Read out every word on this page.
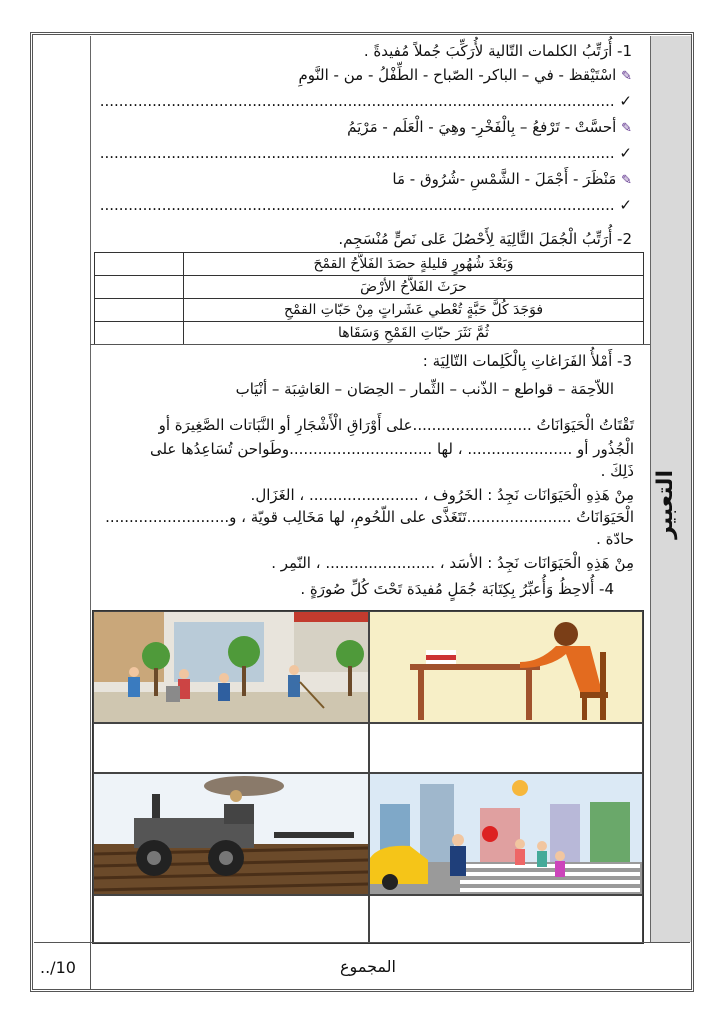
التعبير
1- أُرَتِّبُ الكلمات التّالية لأُرَكِّبَ جُملاً مُفيدةً .
✎ اسْتَيْقظ - في – الباكر- الصّباح - الطِّفْلُ - من - النَّومِ
✓ ............................................................................................................
✎ أحسَّتْ - تَرْفعُ – بِالْفَخْرِ- وهِيَ - الْعَلَم - مَرْيَمُ
✓ ............................................................................................................
✎ مَنْظَرَ - أَجْمَلَ - الشَّمْسِ -شُرُوق - مَا
✓ ............................................................................................................
2- أُرَتِّبُ الْجُمَلَ التَّالِيَة لِأَحْصُلَ عَلى نَصٍّ مُنْسَجِم.
وَبَعْدَ شُهُورٍ قليلةٍ حصَدَ الفَلاَّحُ القمْحَ	
حرَثَ الفَلاَّحُ الأرْضَ	
فوَجَدَ كُلَّ حَبَّةٍ تُعْطي عَشَراتٍ مِنْ حَبّاتِ القمْحِ	
ثُمَّ نَثَرَ حبّاتِ القَمْحِ وَسَقَاها	
3- أَمْلأُ الفَرَاغاتِ بِالْكَلِمات التّالِيَة :
اللاّحِمَة – قواطع – الذّنب – الثِّمار – الحِصَان – العَاشِبَة – أنْيَاب
تَقْتَاتُ الْحَيَوَانَاتُ .........................على أَوْرَاقِ الْأَشْجَارِ أو النَّبَاتات الصَّغِيرَة أو
الْجُذُور أو ...................... ، لها ..............................وطَواحن تُسَاعِدُها على
ذَلِكَ .
مِنْ هَذِهِ الْحَيَوَانَات نَجِدُ : الخَرُوف ، ....................... ، الغَزَال.
الْحَيَوَانَاتُ ......................تَتَغَذَّى على اللّحُومِ، لها مَخَالِب قويّة ، و..........................
حادّة .
مِنْ هَذِهِ الْحَيَوَانَات نَجِدُ : الأسَد ، ....................... ، النّمِر .
4- أُلاحِظُ وَأُعبِّرُ بِكِتَابَة جُمَلٍ مُفيدَة تَحْتَ كُلِّ صُورَةٍ .
المجموع
../10
